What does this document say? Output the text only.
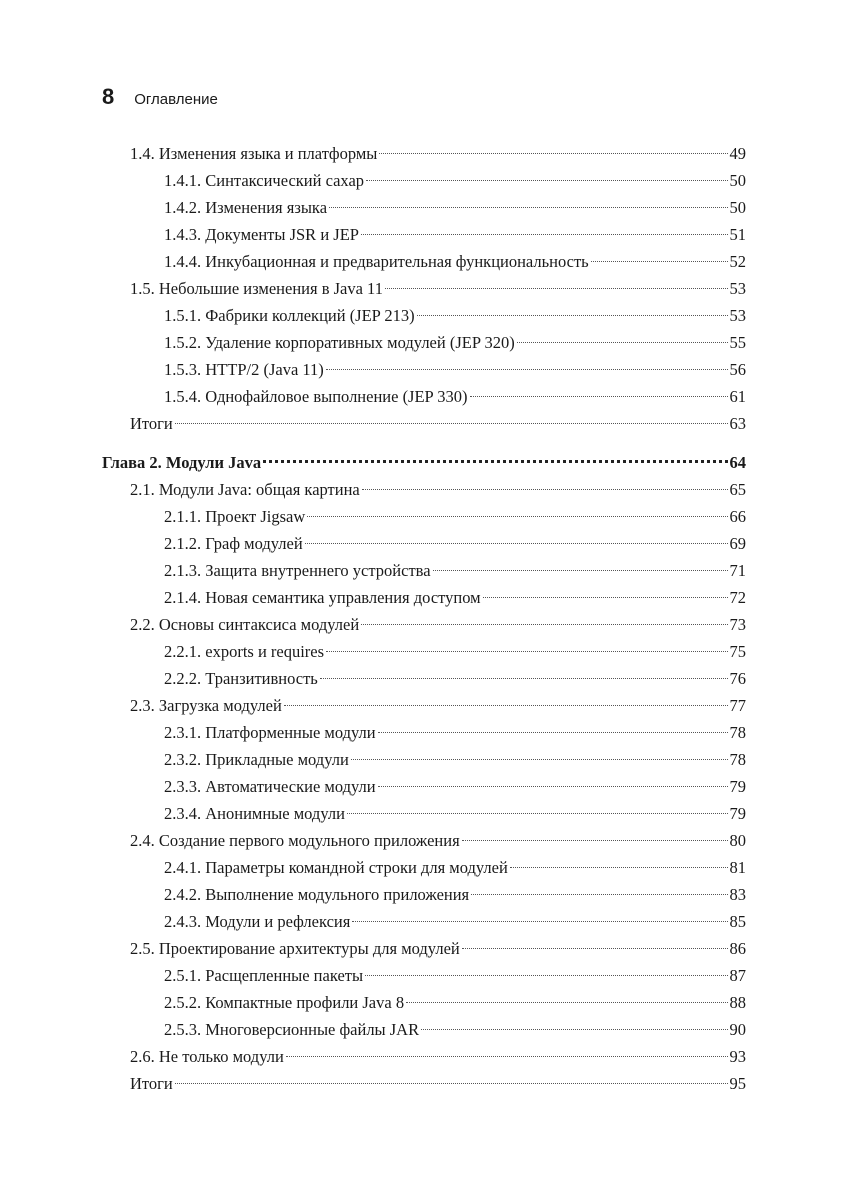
8 Оглавление
1.4. Изменения языка и платформы	49
1.4.1. Синтаксический сахар	50
1.4.2. Изменения языка	50
1.4.3. Документы JSR и JEP	51
1.4.4. Инкубационная и предварительная функциональность	52
1.5. Небольшие изменения в Java 11	53
1.5.1. Фабрики коллекций (JEP 213)	53
1.5.2. Удаление корпоративных модулей (JEP 320)	55
1.5.3. HTTP/2 (Java 11)	56
1.5.4. Однофайловое выполнение (JEP 330)	61
Итоги	63
Глава 2. Модули Java	64
2.1. Модули Java: общая картина	65
2.1.1. Проект Jigsaw	66
2.1.2. Граф модулей	69
2.1.3. Защита внутреннего устройства	71
2.1.4. Новая семантика управления доступом	72
2.2. Основы синтаксиса модулей	73
2.2.1. exports и requires	75
2.2.2. Транзитивность	76
2.3. Загрузка модулей	77
2.3.1. Платформенные модули	78
2.3.2. Прикладные модули	78
2.3.3. Автоматические модули	79
2.3.4. Анонимные модули	79
2.4. Создание первого модульного приложения	80
2.4.1. Параметры командной строки для модулей	81
2.4.2. Выполнение модульного приложения	83
2.4.3. Модули и рефлексия	85
2.5. Проектирование архитектуры для модулей	86
2.5.1. Расщепленные пакеты	87
2.5.2. Компактные профили Java 8	88
2.5.3. Многоверсионные файлы JAR	90
2.6. Не только модули	93
Итоги	95
